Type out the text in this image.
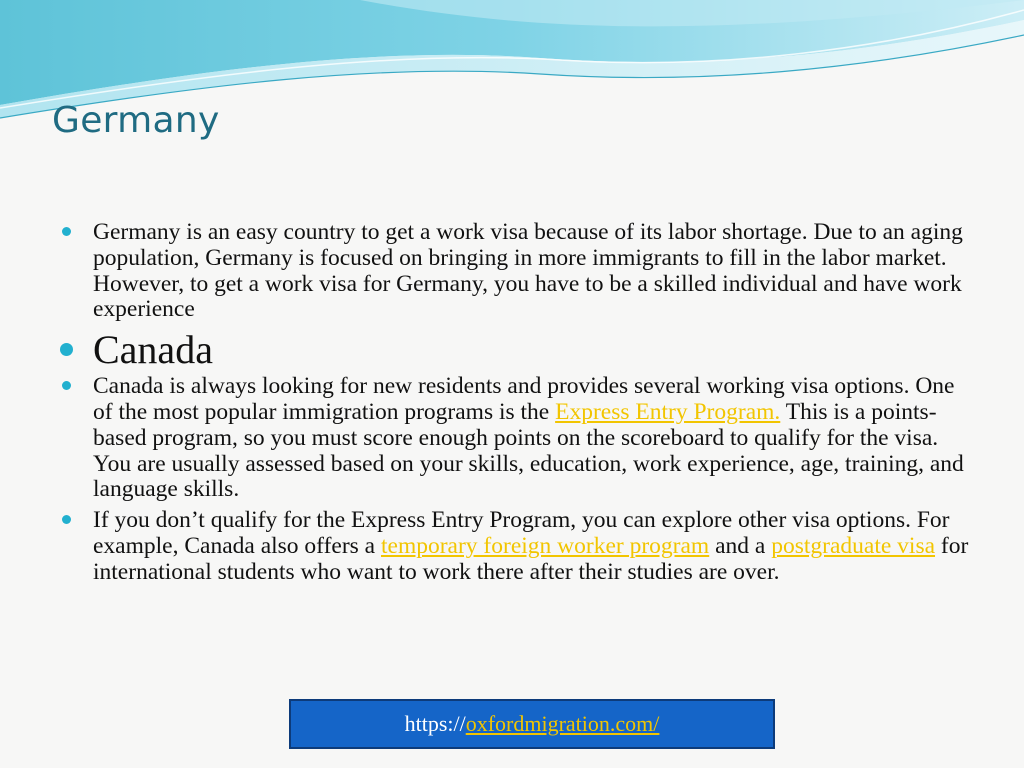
Germany
Germany is an easy country to get a work visa because of its labor shortage. Due to an aging population, Germany is focused on bringing in more immigrants to fill in the labor market. However, to get a work visa for Germany, you have to be a skilled individual and have work experience
Canada
Canada is always looking for new residents and provides several working visa options. One of the most popular immigration programs is the Express Entry Program. This is a points-based program, so you must score enough points on the scoreboard to qualify for the visa. You are usually assessed based on your skills, education, work experience, age, training, and language skills.
If you don’t qualify for the Express Entry Program, you can explore other visa options. For example, Canada also offers a temporary foreign worker program and a postgraduate visa for international students who want to work there after their studies are over.
https:// oxfordmigration.com/
